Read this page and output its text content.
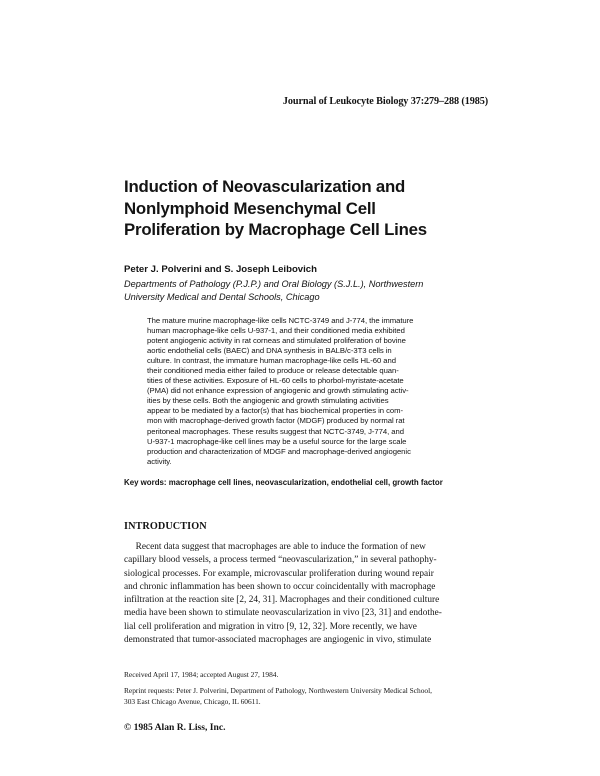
Journal of Leukocyte Biology 37:279–288 (1985)
Induction of Neovascularization and
Nonlymphoid Mesenchymal Cell
Proliferation by Macrophage Cell Lines
Peter J. Polverini and S. Joseph Leibovich
Departments of Pathology (P.J.P.) and Oral Biology (S.J.L.), Northwestern
University Medical and Dental Schools, Chicago
The mature murine macrophage-like cells NCTC-3749 and J-774, the immature
human macrophage-like cells U-937-1, and their conditioned media exhibited
potent angiogenic activity in rat corneas and stimulated proliferation of bovine
aortic endothelial cells (BAEC) and DNA synthesis in BALB/c-3T3 cells in
culture. In contrast, the immature human macrophage-like cells HL-60 and
their conditioned media either failed to produce or release detectable quan-
tities of these activities. Exposure of HL-60 cells to phorbol-myristate-acetate
(PMA) did not enhance expression of angiogenic and growth stimulating activ-
ities by these cells. Both the angiogenic and growth stimulating activities
appear to be mediated by a factor(s) that has biochemical properties in com-
mon with macrophage-derived growth factor (MDGF) produced by normal rat
peritoneal macrophages. These results suggest that NCTC-3749, J-774, and
U-937-1 macrophage-like cell lines may be a useful source for the large scale
production and characterization of MDGF and macrophage-derived angiogenic
activity.
Key words: macrophage cell lines, neovascularization, endothelial cell, growth factor
INTRODUCTION
Recent data suggest that macrophages are able to induce the formation of new
capillary blood vessels, a process termed “neovascularization,” in several pathophy-
siological processes. For example, microvascular proliferation during wound repair
and chronic inflammation has been shown to occur coincidentally with macrophage
infiltration at the reaction site [2, 24, 31]. Macrophages and their conditioned culture
media have been shown to stimulate neovascularization in vivo [23, 31] and endothe-
lial cell proliferation and migration in vitro [9, 12, 32]. More recently, we have
demonstrated that tumor-associated macrophages are angiogenic in vivo, stimulate
Received April 17, 1984; accepted August 27, 1984.
Reprint requests: Peter J. Polverini, Department of Pathology, Northwestern University Medical School,
303 East Chicago Avenue, Chicago, IL 60611.
© 1985 Alan R. Liss, Inc.
